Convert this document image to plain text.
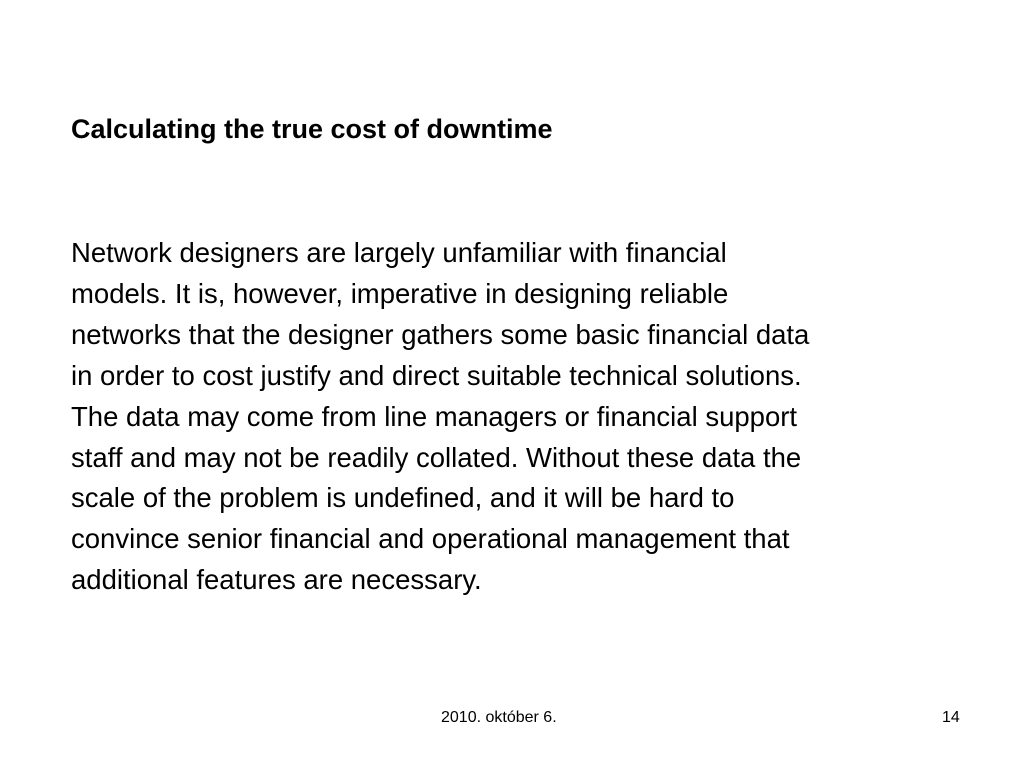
Calculating the true cost of downtime
Network designers are largely unfamiliar with financial
models. It is, however, imperative in designing reliable
networks that the designer gathers some basic financial data
in order to cost justify and direct suitable technical solutions.
The data may come from line managers or financial support
staff and may not be readily collated. Without these data the
scale of the problem is undefined, and it will be hard to
convince senior financial and operational management that
additional features are necessary.
2010. október 6.	14
